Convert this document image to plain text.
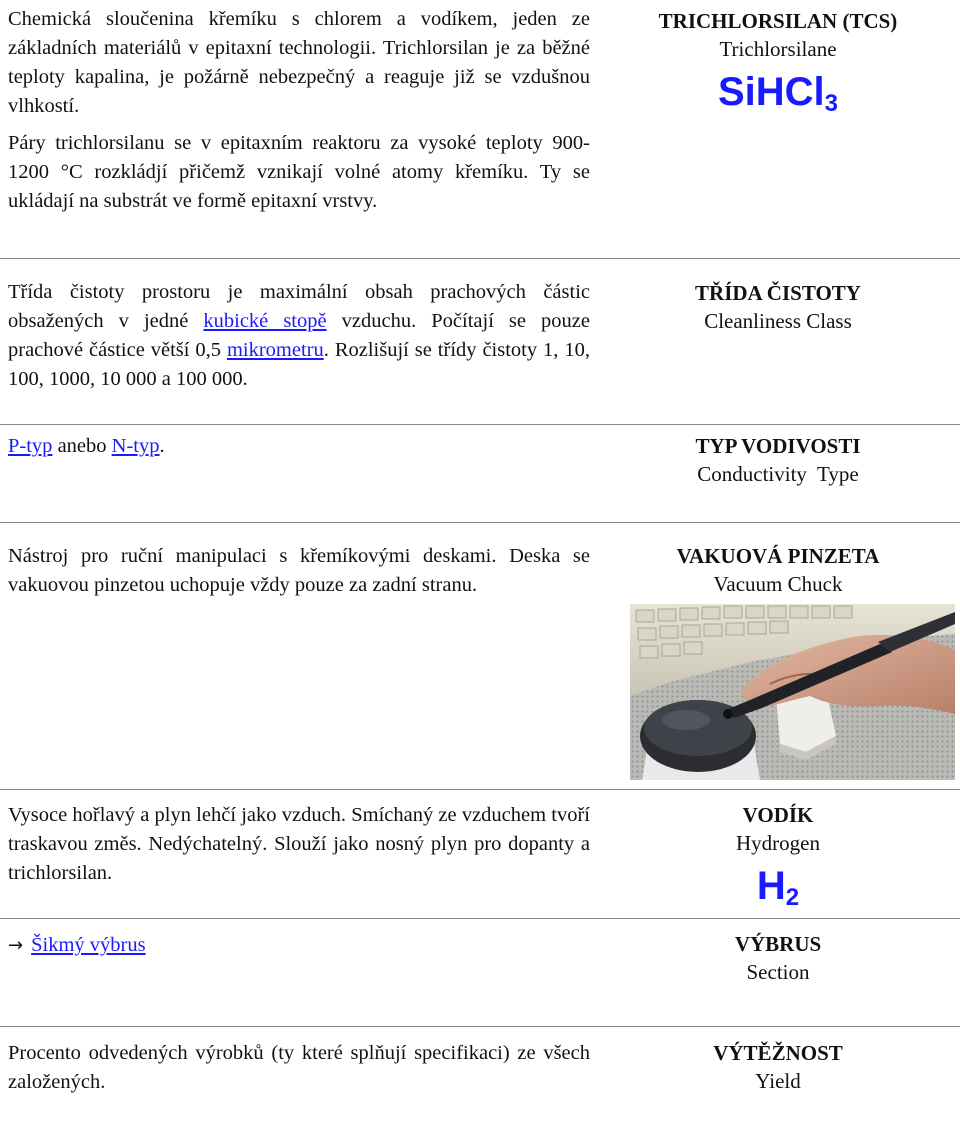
Chemická sloučenina křemíku s chlorem a vodíkem, jeden ze základních materiálů v epitaxní technologii. Trichlorsilan je za běžné teploty kapalina, je požárně nebezpečný a reaguje již se vzdušnou vlhkostí.

Páry trichlorsilanu se v epitaxním reaktoru za vysoké teploty 900-1200 °C rozkládjí přičemž vznikají volné atomy křemíku. Ty se ukládají na substrát ve formě epitaxní vrstvy.

TRICHLORSILAN (TCS)
Trichlorsilane
SiHCl$_3$

Třída čistoty prostoru je maximální obsah prachových částic obsažených v jedné kubické stopě vzduchu. Počítají se pouze prachové částice větší 0,5 mikrometru. Rozlišují se třídy čistoty 1, 10, 100, 1000, 10 000 a 100 000.

TŘÍDA ČISTOTY
Cleanliness Class

P-typ anebo N-typ.	TYP VODIVOSTI
Conductivity  Type

Nástroj pro ruční manipulaci s křemíkovými deskami. Deska se vakuovou pinzetou uchopuje vždy pouze za zadní stranu.

VAKUOVÁ PINZETA
Vacuum Chuck

Vysoce hořlavý a plyn lehčí jako vzduch. Smíchaný ze vzduchem tvoří traskavou změs. Nedýchatelný. Slouží jako nosný plyn pro dopanty a trichlorsilan.

VODÍK
Hydrogen
$H_2$

→ Šikmý výbrus	VÝBRUS
Section

Procento odvedených výrobků (ty které splňují specifikaci) ze všech založených.

VÝTĚŽNOST
Yield
